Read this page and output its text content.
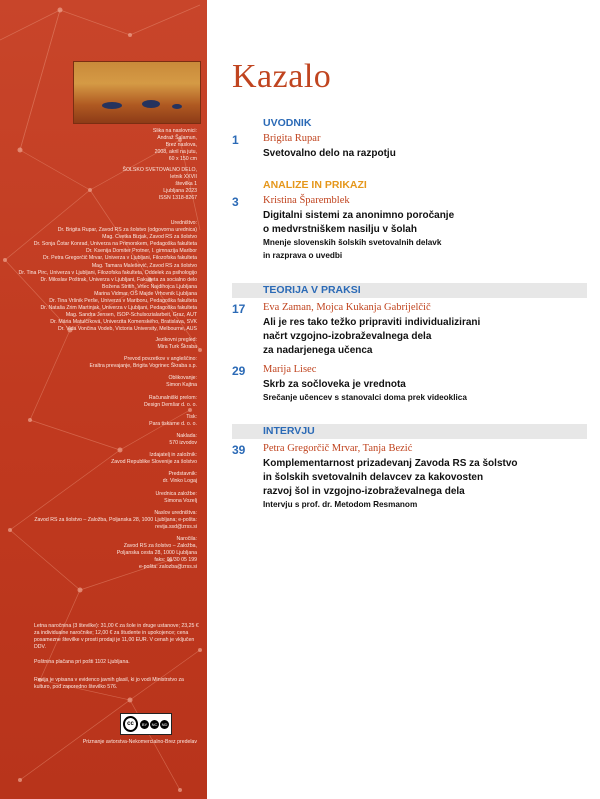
Slika na naslovnici:
Andraž Šalamun,
Brez naslova,
2008, akril na jutu,
60 x 150 cm
ŠOLSKO SVETOVALNO DELO,
letnik XXVII
številka 1
Ljubljana 2023
ISSN 1318-8267
Uredništvo:
Dr. Brigita Rupar, Zavod RS za šolstvo (odgovorna urednica)
Mag. Cvetka Bizjak, Zavod RS za šolstvo
Dr. Sonja Čotar Konrad, Univerza na Primorskem, Pedagoška fakulteta
Dr. Ksenija Domiter Protner, I. gimnazija Maribor
Dr. Petra Gregorčič Mrvar, Univerza v Ljubljani, Filozofska fakulteta
Mag. Tamara Malešević, Zavod RS za šolstvo
Dr. Tina Pirc, Univerza v Ljubljani, Filozofska fakulteta, Oddelek za psihologijo
Dr. Miloslav Poštrak, Univerza v Ljubljani, Fakulteta za socialno delo
Božena Stritih, Vrtec Najdihojca Ljubljana
Marina Vidmar, OŠ Majde Vrhovnik Ljubljana
Dr. Tina Vršnik Perše, Univerza v Mariboru, Pedagoška fakulteta
Dr. Nataša Zrim Martinjak, Univerza v Ljubljani, Pedagoška fakulteta
Mag. Sandra Jensen, ISOP-Schulsozialarbeit, Graz, AUT
Dr. Mária Matulčíková, Univerzita Komenského, Bratislava, SVK
Dr. Vida Vončina Vodeb, Victoria University, Melbourne, AUS
Jezikovni pregled:
Mira Turk Škraba
Prevod povzetkov v angleščino:
Eraltra prevajanje, Brigita Vogrinec Škraba s.p.
Oblikovanje:
Simon Kajtna
Računalniški prelom:
Design Demšar d. o. o.
Tisk:
Para tiskarne d. o. o.
Naklada:
570 izvodov
Izdajatelj in založnik:
Zavod Republike Slovenije za šolstvo
Predstavnik:
dr. Vinko Logaj
Urednica založbe:
Simona Vozelj
Naslov uredništva:
Zavod RS za šolstvo – Založba, Poljanska 28, 1000 Ljubljana; e-pošta:
revija.ssd@zrss.si
Naročila:
Zavod RS za šolstvo – Založba,
Poljanska cesta 28, 1000 Ljubljana
faks: 01/30 05 199
e-pošta: zalozba@zrss.si
Letna naročnina (3 številke): 31,00 € za šole in druge ustanove; 23,25 € za individualne naročnike; 12,00 € za študente in upokojence; cena posamezne številke v prosti prodaji je 11,00 EUR. V cenah je vključen DDV.
Poštnina plačana pri pošti 1102 Ljubljana.
Revija je vpisana v evidenco javnih glasil, ki jo vodi Ministrstvo za kulturo, pod zaporedno številko 576.
cc	BY	NC	ND
Priznanje avtorstva-Nekomercialno-Brez predelav
Kazalo
UVODNIK
1	Brigita Rupar
Svetovalno delo na razpotju
ANALIZE IN PRIKAZI
3	Kristina Šparemblek
Digitalni sistemi za anonimno poročanje
o medvrstniškem nasilju v šolah
Mnenje slovenskih šolskih svetovalnih delavk
in razprava o uvedbi
TEORIJA V PRAKSI
17	Eva Zaman, Mojca Kukanja Gabrijelčič
Ali je res tako težko pripraviti individualizirani
načrt vzgojno-izobraževalnega dela
za nadarjenega učenca
29	Marija Lisec
Skrb za sočloveka je vrednota
Srečanje učencev s stanovalci doma prek videoklica
INTERVJU
39	Petra Gregorčič Mrvar, Tanja Bezić
Komplementarnost prizadevanj Zavoda RS za šolstvo
in šolskih svetovalnih delavcev za kakovosten
razvoj šol in vzgojno-izobraževalnega dela
Intervju s prof. dr. Metodom Resmanom
